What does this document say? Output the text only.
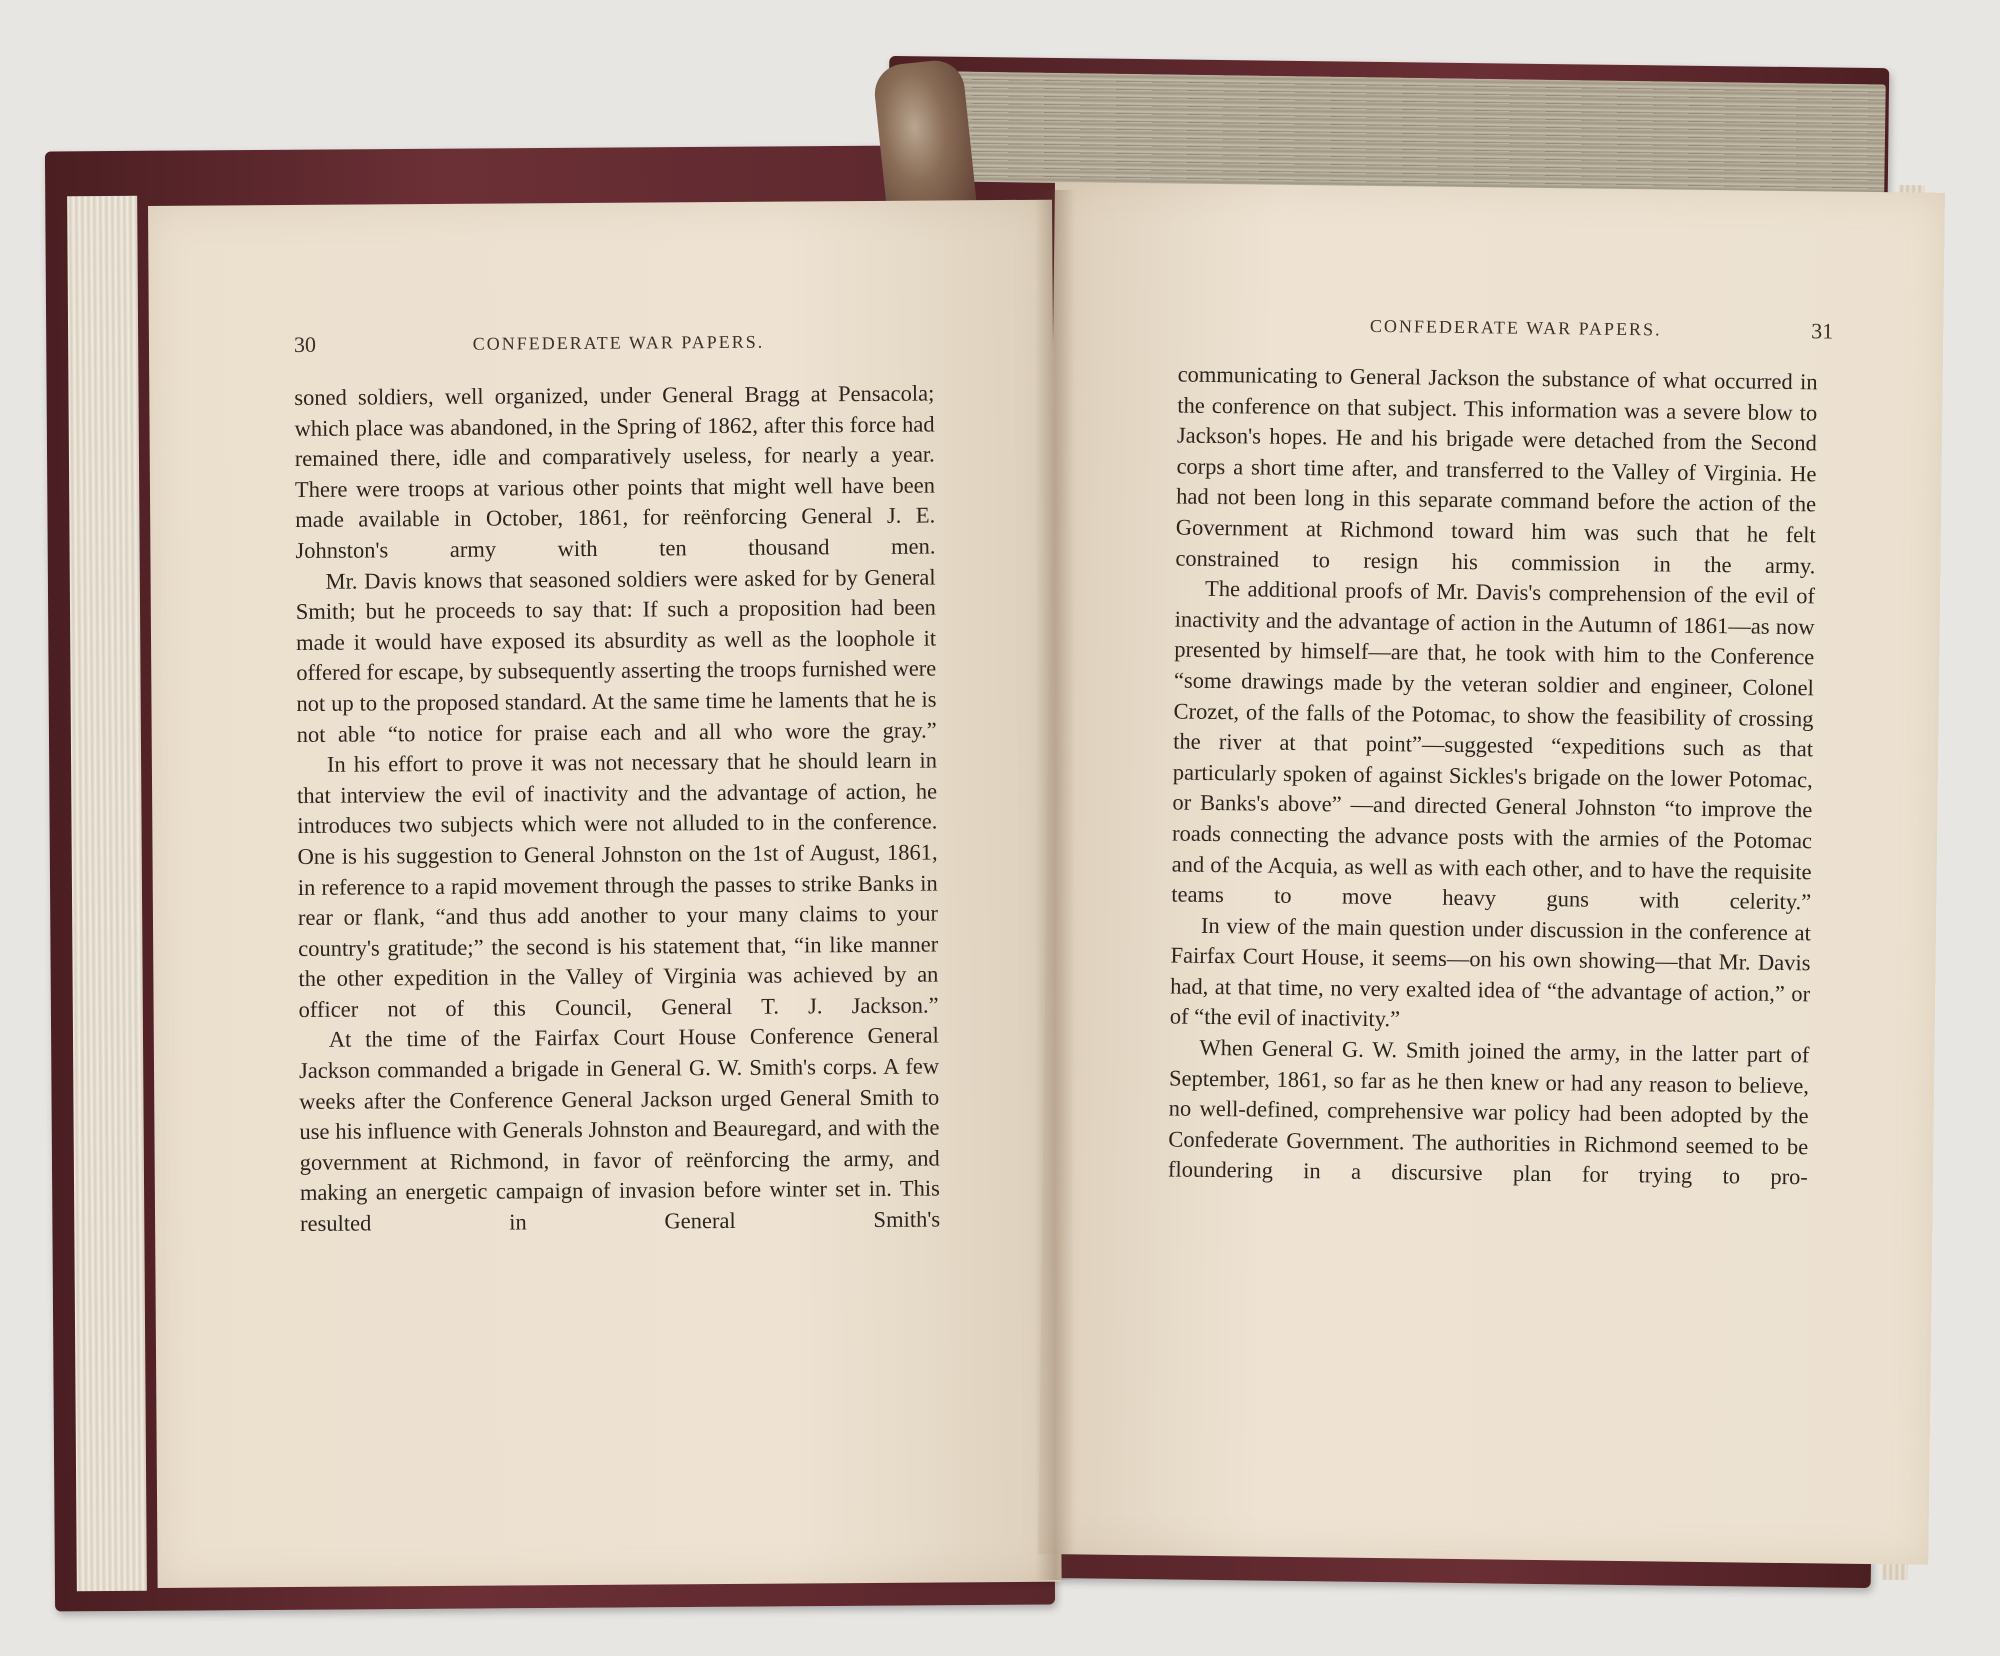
30	CONFEDERATE WAR PAPERS.

soned soldiers, well organized, under General Bragg at Pensacola; which place was abandoned, in the Spring of 1862, after this force had remained there, idle and comparatively useless, for nearly a year. There were troops at various other points that might well have been made available in October, 1861, for reënforcing General J. E. Johnston's army with ten thousand men.

Mr. Davis knows that seasoned soldiers were asked for by General Smith; but he proceeds to say that: If such a proposition had been made it would have exposed its absurdity as well as the loophole it offered for escape, by subsequently asserting the troops furnished were not up to the proposed standard. At the same time he laments that he is not able “to notice for praise each and all who wore the gray.”

In his effort to prove it was not necessary that he should learn in that interview the evil of inactivity and the advantage of action, he introduces two subjects which were not alluded to in the conference. One is his suggestion to General Johnston on the 1st of August, 1861, in reference to a rapid movement through the passes to strike Banks in rear or flank, “and thus add another to your many claims to your country's gratitude;” the second is his statement that, “in like manner the other expedition in the Valley of Virginia was achieved by an officer not of this Council, General T. J. Jackson.”

At the time of the Fairfax Court House Conference General Jackson commanded a brigade in General G. W. Smith's corps. A few weeks after the Conference General Jackson urged General Smith to use his influence with Generals Johnston and Beauregard, and with the government at Richmond, in favor of reënforcing the army, and making an energetic campaign of invasion before winter set in. This resulted in General Smith's

CONFEDERATE WAR PAPERS.	31

communicating to General Jackson the substance of what occurred in the conference on that subject. This information was a severe blow to Jackson's hopes. He and his brigade were detached from the Second corps a short time after, and transferred to the Valley of Virginia. He had not been long in this separate command before the action of the Government at Richmond toward him was such that he felt constrained to resign his commission in the army.

The additional proofs of Mr. Davis's comprehension of the evil of inactivity and the advantage of action in the Autumn of 1861—as now presented by himself—are that, he took with him to the Conference “some drawings made by the veteran soldier and engineer, Colonel Crozet, of the falls of the Potomac, to show the feasibility of crossing the river at that point”—suggested “expeditions such as that particularly spoken of against Sickles's brigade on the lower Potomac, or Banks's above” —and directed General Johnston “to improve the roads connecting the advance posts with the armies of the Potomac and of the Acquia, as well as with each other, and to have the requisite teams to move heavy guns with celerity.”

In view of the main question under discussion in the conference at Fairfax Court House, it seems—on his own showing—that Mr. Davis had, at that time, no very exalted idea of “the advantage of action,” or of “the evil of inactivity.”

When General G. W. Smith joined the army, in the latter part of September, 1861, so far as he then knew or had any reason to believe, no well-defined, comprehensive war policy had been adopted by the Confederate Government. The authorities in Richmond seemed to be floundering in a discursive plan for trying to pro-
